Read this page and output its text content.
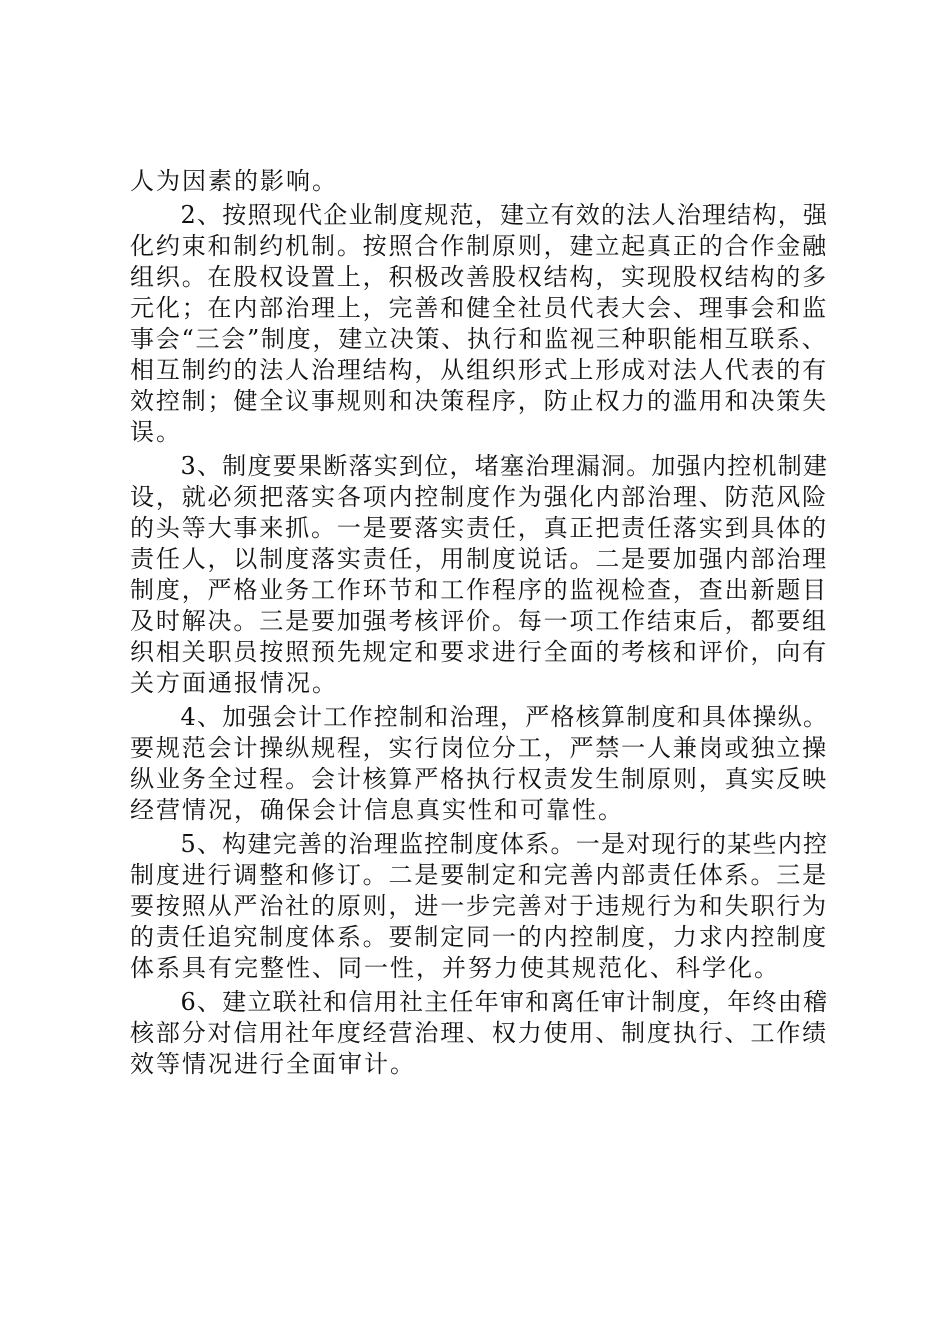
人为因素的影响。
　　2、按照现代企业制度规范，建立有效的法人治理结构，强
化约束和制约机制。按照合作制原则，建立起真正的合作金融
组织。在股权设置上，积极改善股权结构，实现股权结构的多
元化；在内部治理上，完善和健全社员代表大会、理事会和监
事会“三会”制度，建立决策、执行和监视三种职能相互联系、
相互制约的法人治理结构，从组织形式上形成对法人代表的有
效控制；健全议事规则和决策程序，防止权力的滥用和决策失
误。
　　3、制度要果断落实到位，堵塞治理漏洞。加强内控机制建
设，就必须把落实各项内控制度作为强化内部治理、防范风险
的头等大事来抓。一是要落实责任，真正把责任落实到具体的
责任人，以制度落实责任，用制度说话。二是要加强内部治理
制度，严格业务工作环节和工作程序的监视检查，查出新题目
及时解决。三是要加强考核评价。每一项工作结束后，都要组
织相关职员按照预先规定和要求进行全面的考核和评价，向有
关方面通报情况。
　　4、加强会计工作控制和治理，严格核算制度和具体操纵。
要规范会计操纵规程，实行岗位分工，严禁一人兼岗或独立操
纵业务全过程。会计核算严格执行权责发生制原则，真实反映
经营情况，确保会计信息真实性和可靠性。
　　5、构建完善的治理监控制度体系。一是对现行的某些内控
制度进行调整和修订。二是要制定和完善内部责任体系。三是
要按照从严治社的原则，进一步完善对于违规行为和失职行为
的责任追究制度体系。要制定同一的内控制度，力求内控制度
体系具有完整性、同一性，并努力使其规范化、科学化。
　　6、建立联社和信用社主任年审和离任审计制度，年终由稽
核部分对信用社年度经营治理、权力使用、制度执行、工作绩
效等情况进行全面审计。
